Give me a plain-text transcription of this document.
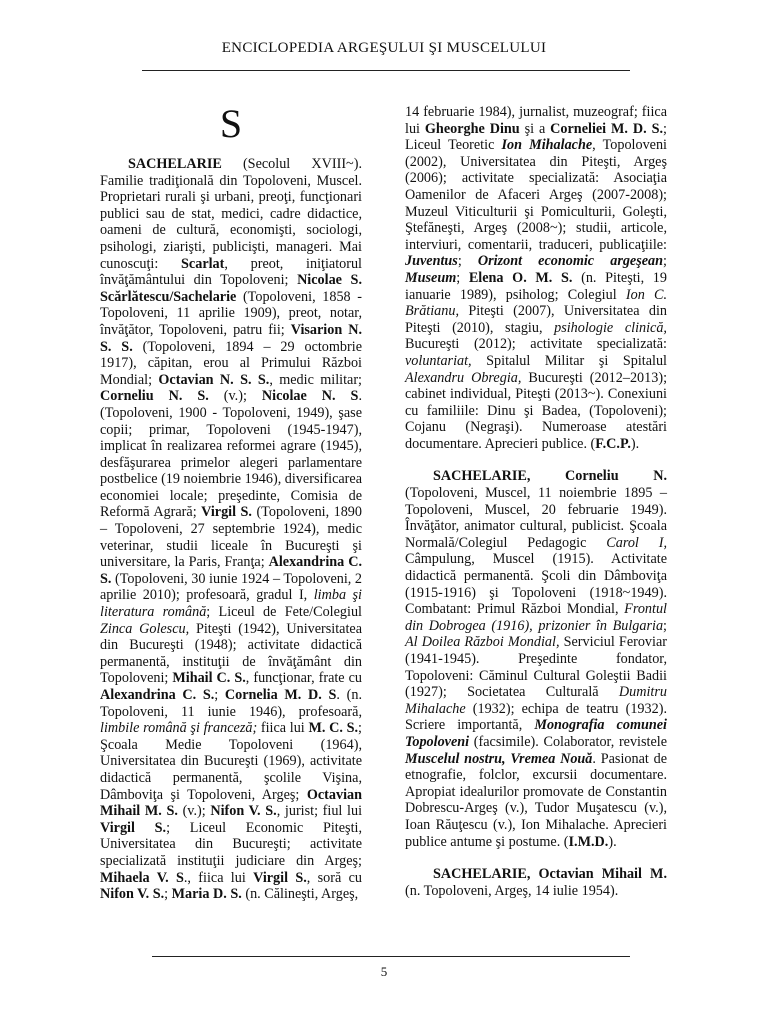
ENCICLOPEDIA ARGEŞULUI ŞI MUSCELULUI
S

SACHELARIE (Secolul XVIII~). Familie tradiţională din Topoloveni, Muscel. Proprietari rurali şi urbani, preoţi, funcţionari publici sau de stat, medici, cadre didactice, oameni de cultură, economişti, sociologi, psihologi, ziarişti, publicişti, manageri. Mai cunoscuţi: Scarlat, preot, iniţiatorul învăţământului din Topoloveni; Nicolae S. Scărlătescu/Sachelarie (Topoloveni, 1858 - Topoloveni, 11 aprilie 1909), preot, notar, învăţător, Topoloveni, patru fii; Visarion N. S. S. (Topoloveni, 1894 – 29 octombrie 1917), căpitan, erou al Primului Război Mondial; Octavian N. S. S., medic militar; Corneliu N. S. (v.); Nicolae N. S. (Topoloveni, 1900 - Topoloveni, 1949), şase copii; primar, Topoloveni (1945-1947), implicat în realizarea reformei agrare (1945), desfăşurarea primelor alegeri parlamentare postbelice (19 noiembrie 1946), diversificarea economiei locale; preşedinte, Comisia de Reformă Agrară; Virgil S. (Topoloveni, 1890 – Topoloveni, 27 septembrie 1924), medic veterinar, studii liceale în Bucureşti şi universitare, la Paris, Franţa; Alexandrina C. S. (Topoloveni, 30 iunie 1924 – Topoloveni, 2 aprilie 2010); profesoară, gradul I, limba şi literatura română; Liceul de Fete/Colegiul Zinca Golescu, Piteşti (1942), Universitatea din Bucureşti (1948); activitate didactică permanentă, instituţii de învăţământ din Topoloveni; Mihail C. S., funcţionar, frate cu Alexandrina C. S.; Cornelia M. D. S. (n. Topoloveni, 11 iunie 1946), profesoară, limbile română şi franceză; fiica lui M. C. S.; Şcoala Medie Topoloveni (1964), Universitatea din Bucureşti (1969), activitate didactică permanentă, şcolile Vişina, Dâmboviţa şi Topoloveni, Argeş; Octavian Mihail M. S. (v.); Nifon V. S., jurist; fiul lui Virgil S.; Liceul Economic Piteşti, Universitatea din Bucureşti; activitate specializată instituţii judiciare din Argeş; Mihaela V. S., fiica lui Virgil S., soră cu Nifon V. S.; Maria D. S. (n. Călineşti, Argeş,

14 februarie 1984), jurnalist, muzeograf; fiica lui Gheorghe Dinu şi a Corneliei M. D. S.; Liceul Teoretic Ion Mihalache, Topoloveni (2002), Universitatea din Piteşti, Argeş (2006); activitate specializată: Asociaţia Oamenilor de Afaceri Argeş (2007-2008); Muzeul Viticulturii şi Pomiculturii, Goleşti, Ştefăneşti, Argeş (2008~); studii, articole, interviuri, comentarii, traduceri, publicaţiile: Juventus; Orizont economic argeşean; Museum; Elena O. M. S. (n. Piteşti, 19 ianuarie 1989), psiholog; Colegiul Ion C. Brătianu, Piteşti (2007), Universitatea din Piteşti (2010), stagiu, psihologie clinică, Bucureşti (2012); activitate specializată: voluntariat, Spitalul Militar şi Spitalul Alexandru Obregia, Bucureşti (2012–2013); cabinet individual, Piteşti (2013~). Conexiuni cu familiile: Dinu şi Badea, (Topoloveni); Cojanu (Negraşi). Numeroase atestări documentare. Aprecieri publice. (F.C.P.).

SACHELARIE, Corneliu N. (Topoloveni, Muscel, 11 noiembrie 1895 – Topoloveni, Muscel, 20 februarie 1949). Învăţător, animator cultural, publicist. Şcoala Normală/Colegiul Pedagogic Carol I, Câmpulung, Muscel (1915). Activitate didactică permanentă. Şcoli din Dâmboviţa (1915-1916) şi Topoloveni (1918~1949). Combatant: Primul Război Mondial, Frontul din Dobrogea (1916), prizonier în Bulgaria; Al Doilea Război Mondial, Serviciul Feroviar (1941-1945). Preşedinte fondator, Topoloveni: Căminul Cultural Goleştii Badii (1927); Societatea Culturală Dumitru Mihalache (1932); echipa de teatru (1932). Scriere importantă, Monografia comunei Topoloveni (facsimile). Colaborator, revistele Muscelul nostru, Vremea Nouă. Pasionat de etnografie, folclor, excursii documentare. Apropiat idealurilor promovate de Constantin Dobrescu-Argeş (v.), Tudor Muşatescu (v.), Ioan Răuţescu (v.), Ion Mihalache. Aprecieri publice antume şi postume. (I.M.D.).

SACHELARIE, Octavian Mihail M. (n. Topoloveni, Argeş, 14 iulie 1954).

5
